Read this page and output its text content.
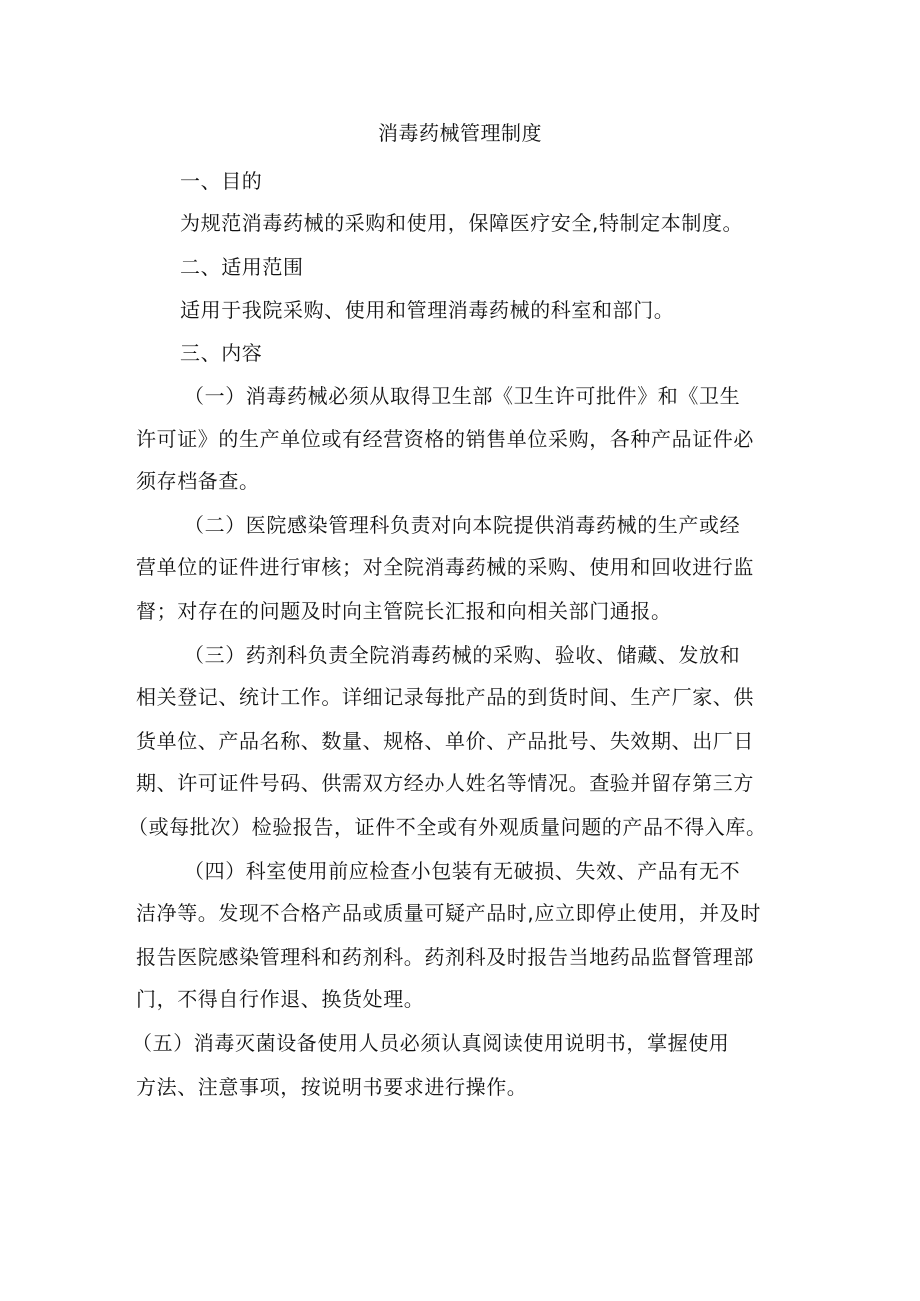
消毒药械管理制度
一、目的
为规范消毒药械的采购和使用，保障医疗安全,特制定本制度。
二、适用范围
适用于我院采购、使用和管理消毒药械的科室和部门。
三、内容
（一）消毒药械必须从取得卫生部《卫生许可批件》和《卫生
许可证》的生产单位或有经营资格的销售单位采购，各种产品证件必
须存档备查。
（二）医院感染管理科负责对向本院提供消毒药械的生产或经
营单位的证件进行审核；对全院消毒药械的采购、使用和回收进行监
督；对存在的问题及时向主管院长汇报和向相关部门通报。
（三）药剂科负责全院消毒药械的采购、验收、储藏、发放和
相关登记、统计工作。详细记录每批产品的到货时间、生产厂家、供
货单位、产品名称、数量、规格、单价、产品批号、失效期、出厂日
期、许可证件号码、供需双方经办人姓名等情况。查验并留存第三方
（或每批次）检验报告，证件不全或有外观质量问题的产品不得入库。
（四）科室使用前应检查小包装有无破损、失效、产品有无不
洁净等。发现不合格产品或质量可疑产品时,应立即停止使用，并及时
报告医院感染管理科和药剂科。药剂科及时报告当地药品监督管理部
门，不得自行作退、换货处理。
（五）消毒灭菌设备使用人员必须认真阅读使用说明书，掌握使用
方法、注意事项，按说明书要求进行操作。
